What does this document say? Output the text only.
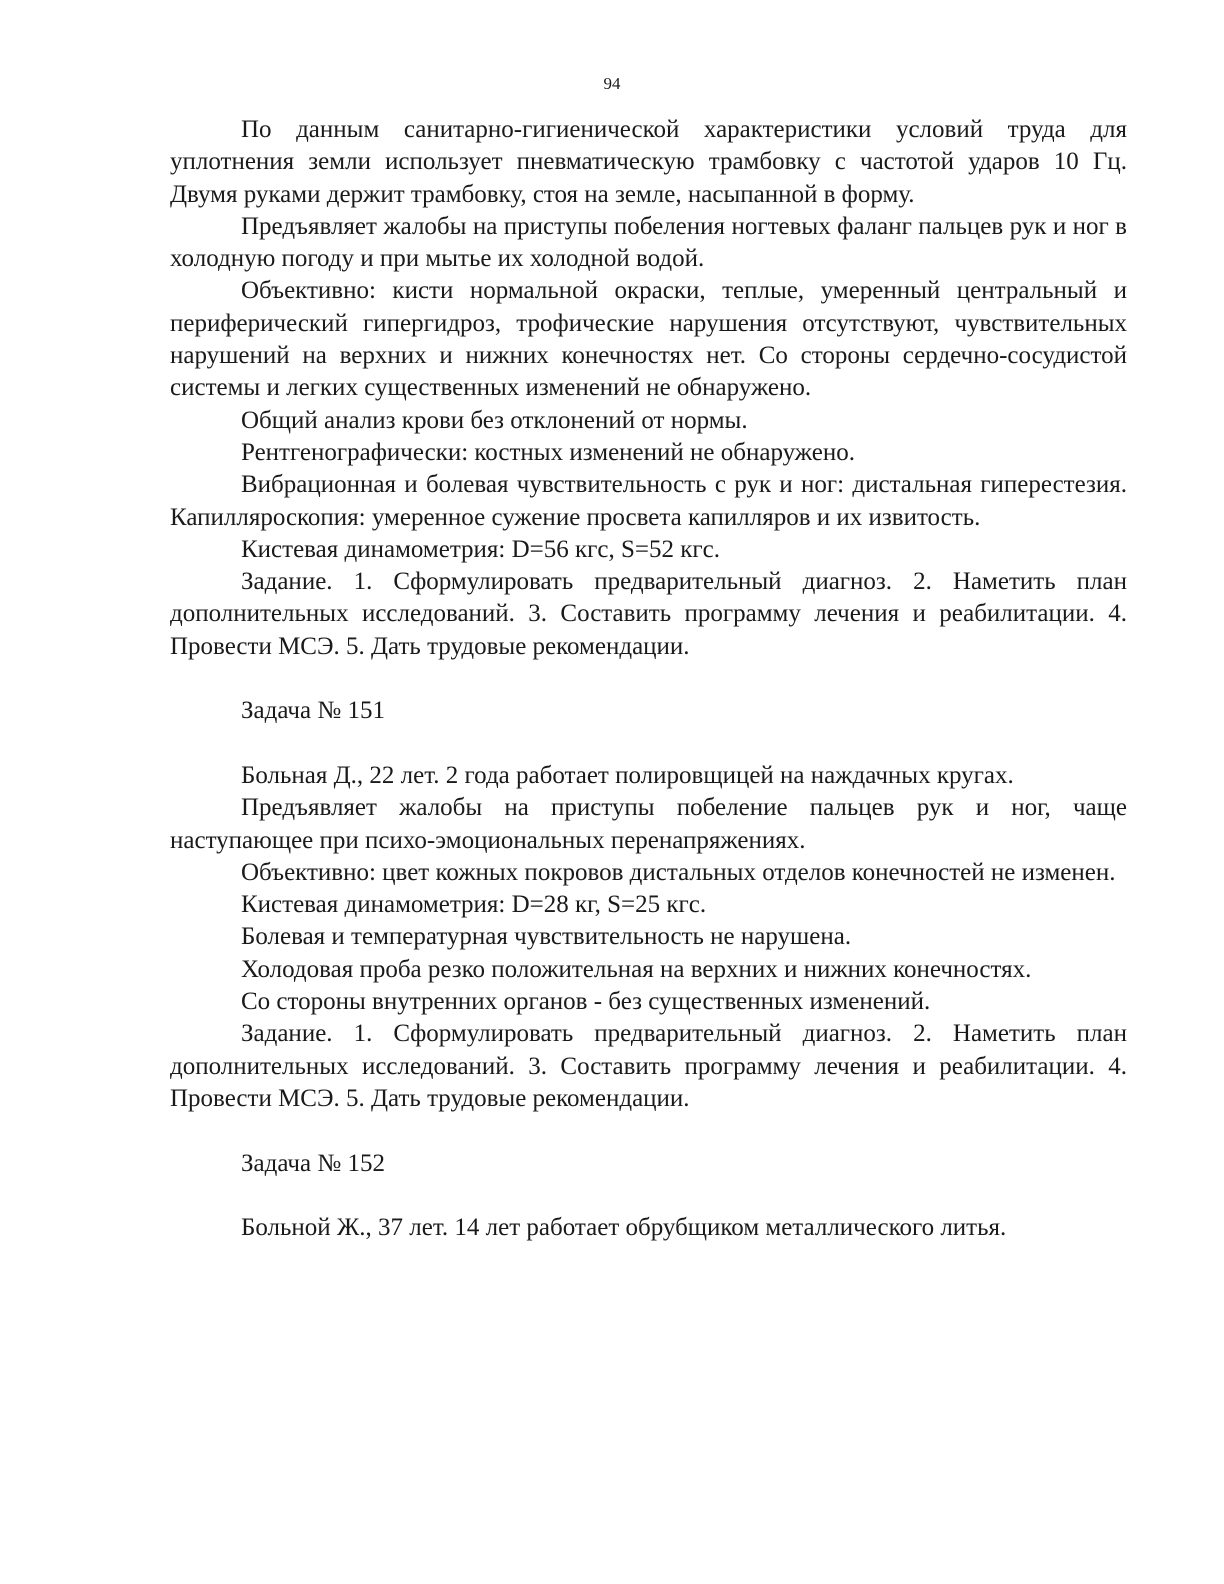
94

По данным санитарно-гигиенической характеристики условий труда для уплотнения земли использует пневматическую трамбовку с частотой ударов 10 Гц. Двумя руками держит трамбовку, стоя на земле, насыпанной в форму.

Предъявляет жалобы на приступы побеления ногтевых фаланг пальцев рук и ног в холодную погоду и при мытье их холодной водой.

Объективно: кисти нормальной окраски, теплые, умеренный центральный и периферический гипергидроз, трофические нарушения отсутствуют, чувствительных нарушений на верхних и нижних конечностях нет. Со стороны сердечно-сосудистой системы и легких существенных изменений не обнаружено.

Общий анализ крови без отклонений от нормы.

Рентгенографически: костных изменений не обнаружено.

Вибрационная и болевая чувствительность с рук и ног: дистальная гиперестезия. Капилляроскопия: умеренное сужение просвета капилляров и их извитость.

Кистевая динамометрия: D=56 кгс, S=52 кгс.

Задание. 1. Сформулировать предварительный диагноз. 2. Наметить план дополнительных исследований. 3. Составить программу лечения и реабилитации. 4. Провести МСЭ. 5. Дать трудовые рекомендации.

Задача № 151

Больная Д., 22 лет. 2 года работает полировщицей на наждачных кругах.

Предъявляет жалобы на приступы побеление пальцев рук и ног, чаще наступающее при психо-эмоциональных перенапряжениях.

Объективно: цвет кожных покровов дистальных отделов конечностей не изменен.

Кистевая динамометрия: D=28 кг, S=25 кгс.

Болевая и температурная чувствительность не нарушена.

Холодовая проба резко положительная на верхних и нижних конечностях.

Со стороны внутренних органов - без существенных изменений.

Задание. 1. Сформулировать предварительный диагноз. 2. Наметить план дополнительных исследований. 3. Составить программу лечения и реабилитации. 4. Провести МСЭ. 5. Дать трудовые рекомендации.

Задача № 152

Больной Ж., 37 лет. 14 лет работает обрубщиком металлического литья.
